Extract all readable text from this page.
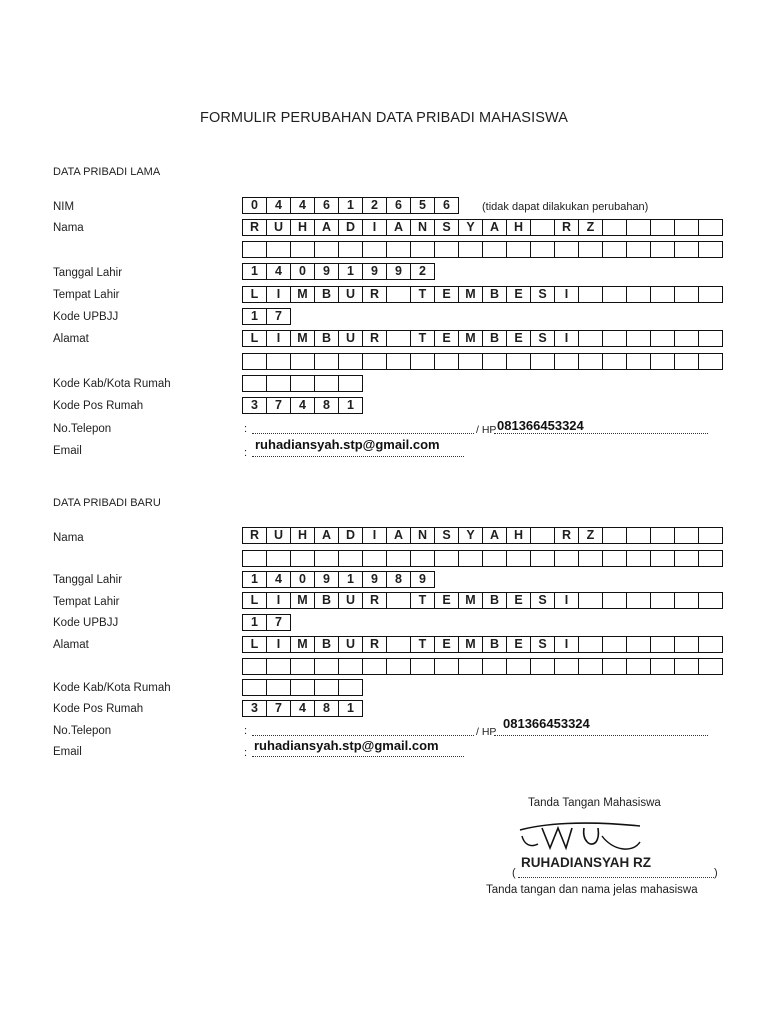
FORMULIR PERUBAHAN DATA PRIBADI MAHASISWA
DATA PRIBADI LAMA
NIM	0	4	4	6	1	2	6	5	6	(tidak dapat dilakukan perubahan)
Nama	R	U	H	A	D	I	A	N	S	Y	A	H	R	Z
Tanggal Lahir	1	4	0	9	1	9	9	2
Tempat Lahir	L	I	M	B	U	R	T	E	M	B	E	S	I
Kode UPBJJ	1	7
Alamat	L	I	M	B	U	R	T	E	M	B	E	S	I
Kode Kab/Kota Rumah
Kode Pos Rumah	3	7	4	8	1
No.Telepon	:	/ HP 081366453324
Email	:
ruhadiansyah.stp@gmail.com
DATA PRIBADI BARU
Nama	R	U	H	A	D	I	A	N	S	Y	A	H	R	Z
Tanggal Lahir	1	4	0	9	1	9	8	9
Tempat Lahir	L	I	M	B	U	R	T	E	M	B	E	S	I
Kode UPBJJ	1	7
Alamat	L	I	M	B	U	R	T	E	M	B	E	S	I
Kode Kab/Kota Rumah
Kode Pos Rumah	3	7	4	8	1
No.Telepon	:	/ HP
081366453324
Email	: ruhadiansyah.stp@gmail.com
Tanda Tangan Mahasiswa
RUHADIANSYAH RZ
(	)
Tanda tangan dan nama jelas mahasiswa
